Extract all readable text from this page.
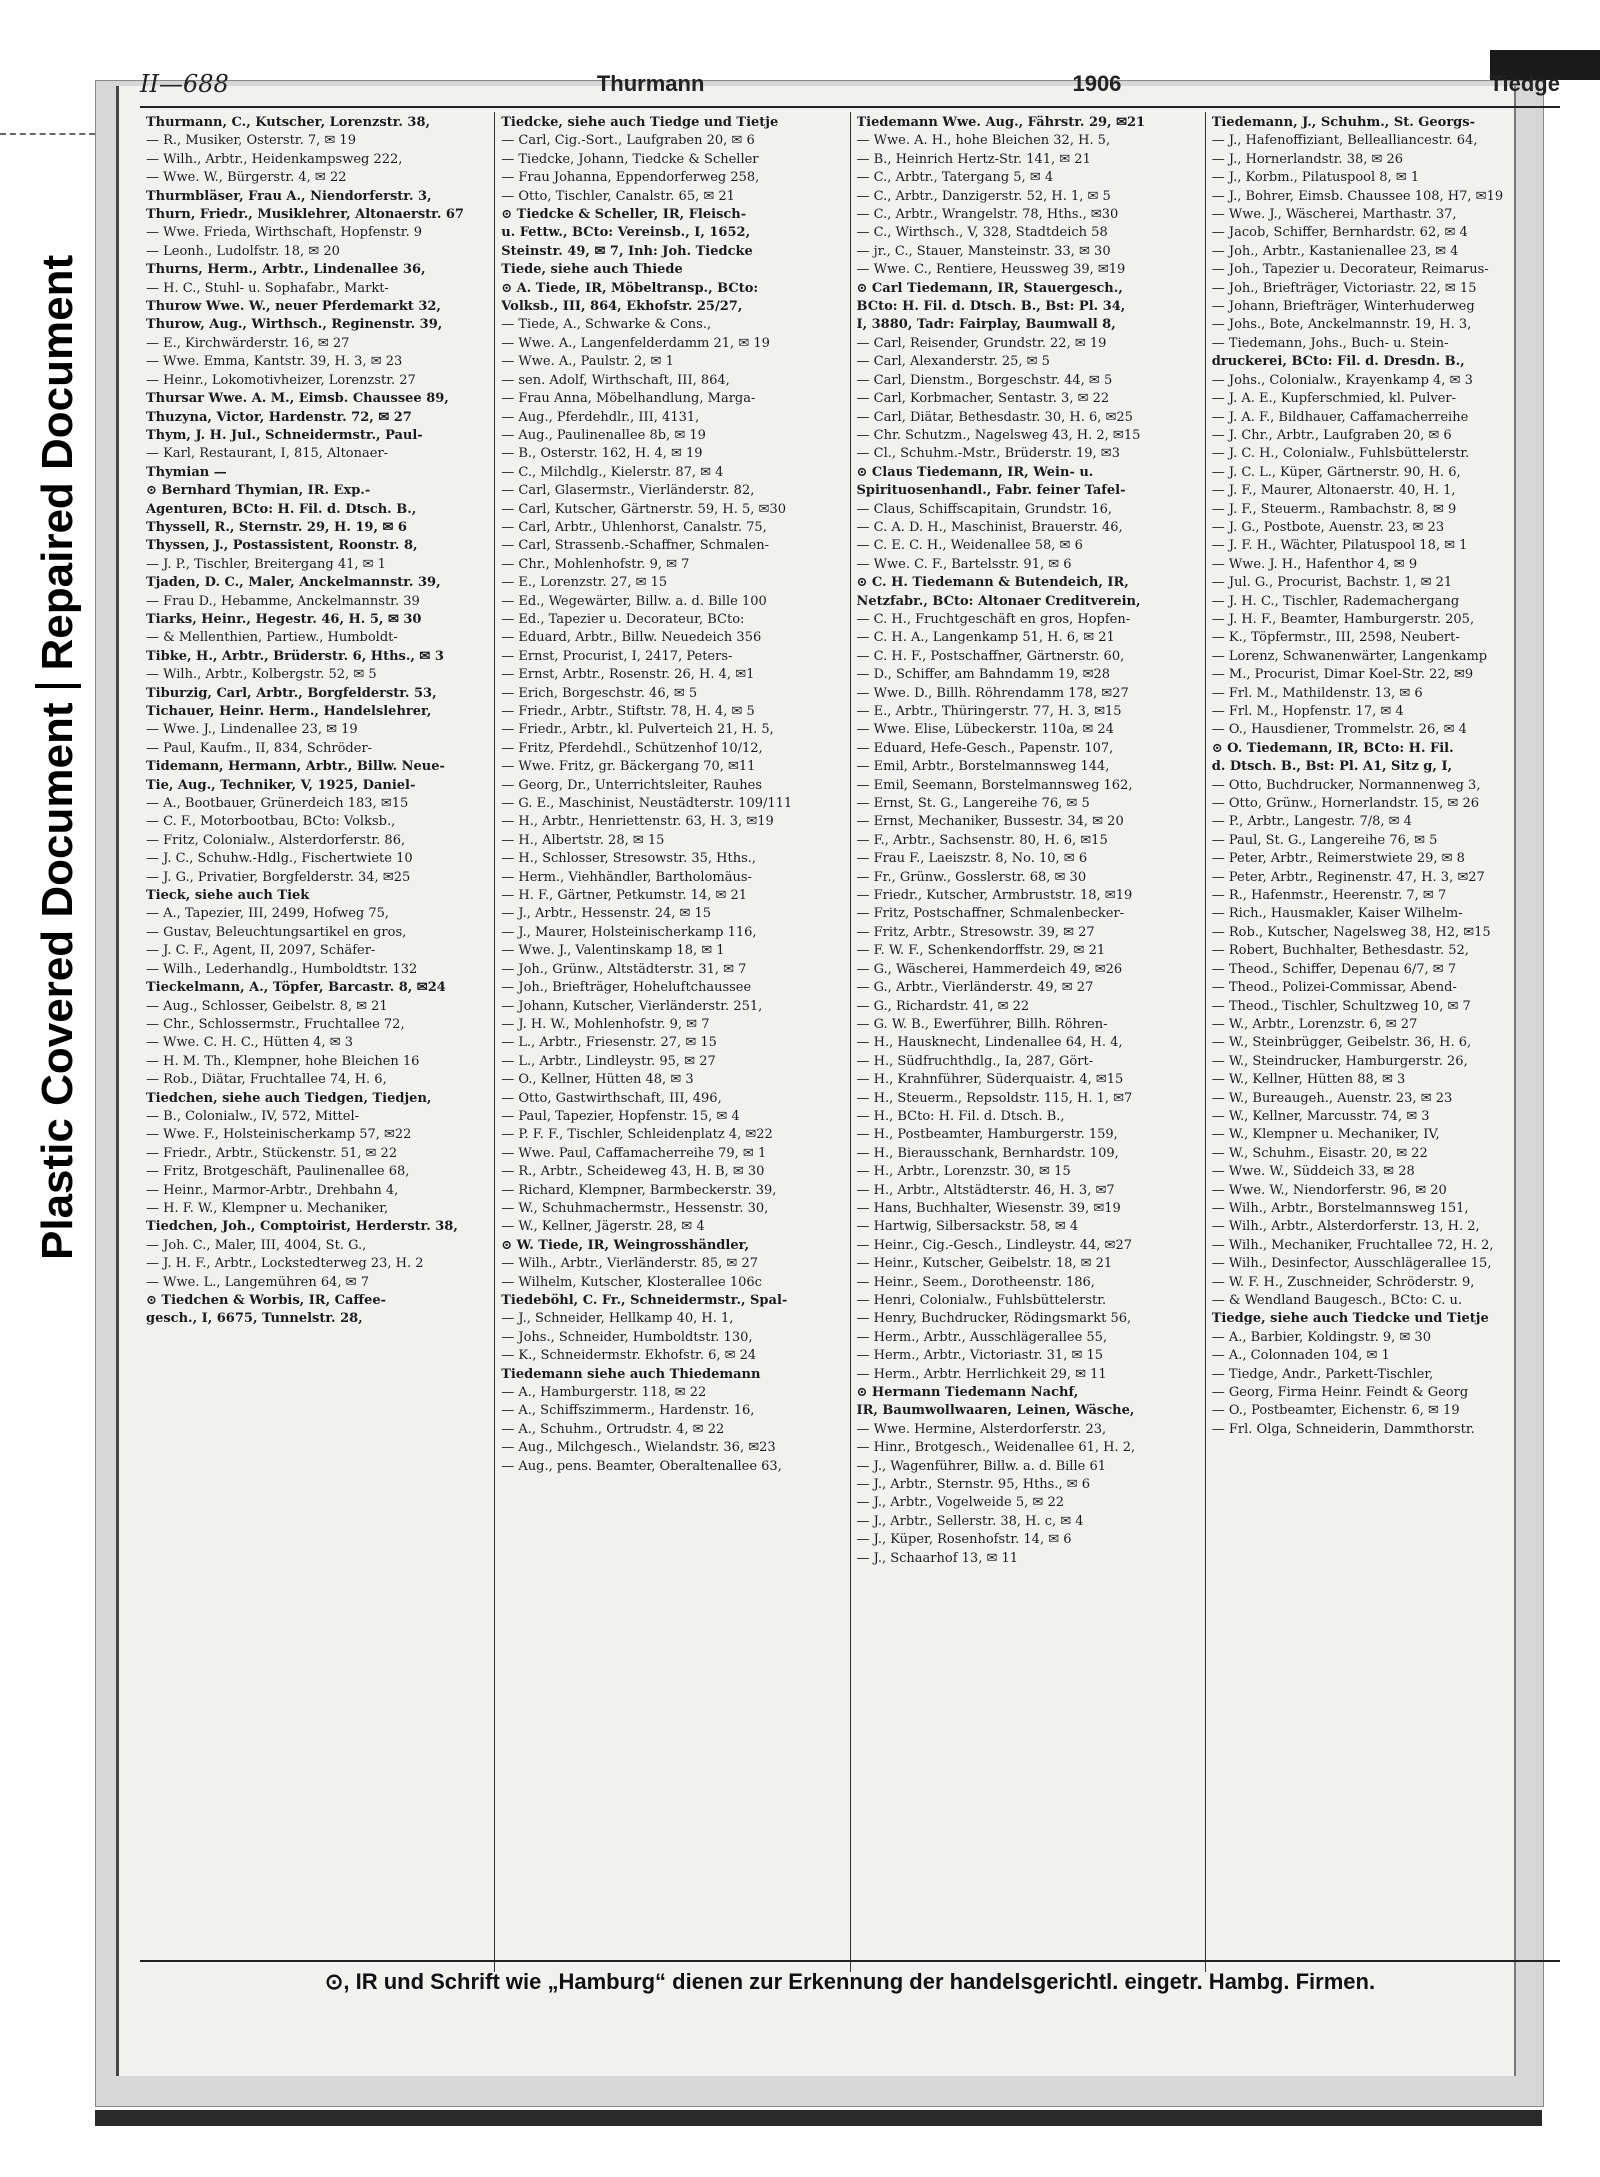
Plastic Covered Document
Repaired Document
II—688	Thurmann	1906	Tiedge
Thurmann, C., Kutscher, Lorenzstr. 38,
— R., Musiker, Osterstr. 7, ✉ 19
— Wilh., Arbtr., Heidenkampsweg 222,
— Wwe. W., Bürgerstr. 4, ✉ 22
Thurmbläser, Frau A., Niendorferstr. 3,
Thurn, Friedr., Musiklehrer, Altonaerstr. 67
— Wwe. Frieda, Wirthschaft, Hopfenstr. 9
— Leonh., Ludolfstr. 18, ✉ 20
Thurns, Herm., Arbtr., Lindenallee 36,
— H. C., Stuhl- u. Sophafabr., Markt-
Thurow Wwe. W., neuer Pferdemarkt 32,
Thurow, Aug., Wirthsch., Reginenstr. 39,
— E., Kirchwärderstr. 16, ✉ 27
— Wwe. Emma, Kantstr. 39, H. 3, ✉ 23
— Heinr., Lokomotivheizer, Lorenzstr. 27
Thursar Wwe. A. M., Eimsb. Chaussee 89,
Thuzyna, Victor, Hardenstr. 72, ✉ 27
Thym, J. H. Jul., Schneidermstr., Paul-
— Karl, Restaurant, I, 815, Altonaer-
Thymian —
⊙ Bernhard Thymian, IR. Exp.-
Agenturen, BCto: H. Fil. d. Dtsch. B.,
Thyssell, R., Sternstr. 29, H. 19, ✉ 6
Thyssen, J., Postassistent, Roonstr. 8,
— J. P., Tischler, Breitergang 41, ✉ 1
Tjaden, D. C., Maler, Anckelmannstr. 39,
— Frau D., Hebamme, Anckelmannstr. 39
Tiarks, Heinr., Hegestr. 46, H. 5, ✉ 30
— & Mellenthien, Partiew., Humboldt-
Tibke, H., Arbtr., Brüderstr. 6, Hths., ✉ 3
— Wilh., Arbtr., Kolbergstr. 52, ✉ 5
Tiburzig, Carl, Arbtr., Borgfelderstr. 53,
Tichauer, Heinr. Herm., Handelslehrer,
— Wwe. J., Lindenallee 23, ✉ 19
— Paul, Kaufm., II, 834, Schröder-
Tidemann, Hermann, Arbtr., Billw. Neue-
Tie, Aug., Techniker, V, 1925, Daniel-
— A., Bootbauer, Grünerdeich 183, ✉15
— C. F., Motorbootbau, BCto: Volksb.,
— Fritz, Colonialw., Alsterdorferstr. 86,
— J. C., Schuhw.-Hdlg., Fischertwiete 10
— J. G., Privatier, Borgfelderstr. 34, ✉25
Tieck, siehe auch Tiek
— A., Tapezier, III, 2499, Hofweg 75,
— Gustav, Beleuchtungsartikel en gros,
— J. C. F., Agent, II, 2097, Schäfer-
— Wilh., Lederhandlg., Humboldtstr. 132
Tieckelmann, A., Töpfer, Barcastr. 8, ✉24
— Aug., Schlosser, Geibelstr. 8, ✉ 21
— Chr., Schlossermstr., Fruchtallee 72,
— Wwe. C. H. C., Hütten 4, ✉ 3
— H. M. Th., Klempner, hohe Bleichen 16
— Rob., Diätar, Fruchtallee 74, H. 6,
Tiedchen, siehe auch Tiedgen, Tiedjen,
— B., Colonialw., IV, 572, Mittel-
— Wwe. F., Holsteinischerkamp 57, ✉22
— Friedr., Arbtr., Stückenstr. 51, ✉ 22
— Fritz, Brotgeschäft, Paulinenallee 68,
— Heinr., Marmor-Arbtr., Drehbahn 4,
— H. F. W., Klempner u. Mechaniker,
Tiedchen, Joh., Comptoirist, Herderstr. 38,
— Joh. C., Maler, III, 4004, St. G.,
— J. H. F., Arbtr., Lockstedterweg 23, H. 2
— Wwe. L., Langemühren 64, ✉ 7
⊙ Tiedchen & Worbis, IR, Caffee-
gesch., I, 6675, Tunnelstr. 28,
Tiedcke, siehe auch Tiedge und Tietje
— Carl, Cig.-Sort., Laufgraben 20, ✉ 6
— Tiedcke, Johann, Tiedcke & Scheller
— Frau Johanna, Eppendorferweg 258,
— Otto, Tischler, Canalstr. 65, ✉ 21
⊙ Tiedcke & Scheller, IR, Fleisch-
u. Fettw., BCto: Vereinsb., I, 1652,
Steinstr. 49, ✉ 7, Inh: Joh. Tiedcke
Tiede, siehe auch Thiede
⊙ A. Tiede, IR, Möbeltransp., BCto:
Volksb., III, 864, Ekhofstr. 25/27,
— Tiede, A., Schwarke & Cons.,
— Wwe. A., Langenfelderdamm 21, ✉ 19
— Wwe. A., Paulstr. 2, ✉ 1
— sen. Adolf, Wirthschaft, III, 864,
— Frau Anna, Möbelhandlung, Marga-
— Aug., Pferdehdlr., III, 4131,
— Aug., Paulinenallee 8b, ✉ 19
— B., Osterstr. 162, H. 4, ✉ 19
— C., Milchdlg., Kielerstr. 87, ✉ 4
— Carl, Glasermstr., Vierländerstr. 82,
— Carl, Kutscher, Gärtnerstr. 59, H. 5, ✉30
— Carl, Arbtr., Uhlenhorst, Canalstr. 75,
— Carl, Strassenb.-Schaffner, Schmalen-
— Chr., Mohlenhofstr. 9, ✉ 7
— E., Lorenzstr. 27, ✉ 15
— Ed., Wegewärter, Billw. a. d. Bille 100
— Ed., Tapezier u. Decorateur, BCto:
— Eduard, Arbtr., Billw. Neuedeich 356
— Ernst, Procurist, I, 2417, Peters-
— Ernst, Arbtr., Rosenstr. 26, H. 4, ✉1
— Erich, Borgeschstr. 46, ✉ 5
— Friedr., Arbtr., Stiftstr. 78, H. 4, ✉ 5
— Friedr., Arbtr., kl. Pulverteich 21, H. 5,
— Fritz, Pferdehdl., Schützenhof 10/12,
— Wwe. Fritz, gr. Bäckergang 70, ✉11
— Georg, Dr., Unterrichtsleiter, Rauhes
— G. E., Maschinist, Neustädterstr. 109/111
— H., Arbtr., Henriettenstr. 63, H. 3, ✉19
— H., Albertstr. 28, ✉ 15
— H., Schlosser, Stresowstr. 35, Hths.,
— Herm., Viehhändler, Bartholomäus-
— H. F., Gärtner, Petkumstr. 14, ✉ 21
— J., Arbtr., Hessenstr. 24, ✉ 15
— J., Maurer, Holsteinischerkamp 116,
— Wwe. J., Valentinskamp 18, ✉ 1
— Joh., Grünw., Altstädterstr. 31, ✉ 7
— Joh., Briefträger, Hoheluftchaussee
— Johann, Kutscher, Vierländerstr. 251,
— J. H. W., Mohlenhofstr. 9, ✉ 7
— L., Arbtr., Friesenstr. 27, ✉ 15
— L., Arbtr., Lindleystr. 95, ✉ 27
— O., Kellner, Hütten 48, ✉ 3
— Otto, Gastwirthschaft, III, 496,
— Paul, Tapezier, Hopfenstr. 15, ✉ 4
— P. F. F., Tischler, Schleidenplatz 4, ✉22
— Wwe. Paul, Caffamacherreihe 79, ✉ 1
— R., Arbtr., Scheideweg 43, H. B, ✉ 30
— Richard, Klempner, Barmbeckerstr. 39,
— W., Schuhmachermstr., Hessenstr. 30,
— W., Kellner, Jägerstr. 28, ✉ 4
⊙ W. Tiede, IR, Weingrosshändler,
— Wilh., Arbtr., Vierländerstr. 85, ✉ 27
— Wilhelm, Kutscher, Klosterallee 106c
Tiedeböhl, C. Fr., Schneidermstr., Spal-
— J., Schneider, Hellkamp 40, H. 1,
— Johs., Schneider, Humboldtstr. 130,
— K., Schneidermstr. Ekhofstr. 6, ✉ 24
Tiedemann siehe auch Thiedemann
— A., Hamburgerstr. 118, ✉ 22
— A., Schiffszimmerm., Hardenstr. 16,
— A., Schuhm., Ortrudstr. 4, ✉ 22
— Aug., Milchgesch., Wielandstr. 36, ✉23
— Aug., pens. Beamter, Oberaltenallee 63,
Tiedemann Wwe. Aug., Fährstr. 29, ✉21
— Wwe. A. H., hohe Bleichen 32, H. 5,
— B., Heinrich Hertz-Str. 141, ✉ 21
— C., Arbtr., Tatergang 5, ✉ 4
— C., Arbtr., Danzigerstr. 52, H. 1, ✉ 5
— C., Arbtr., Wrangelstr. 78, Hths., ✉30
— C., Wirthsch., V, 328, Stadtdeich 58
— jr., C., Stauer, Mansteinstr. 33, ✉ 30
— Wwe. C., Rentiere, Heussweg 39, ✉19
⊙ Carl Tiedemann, IR, Stauergesch.,
BCto: H. Fil. d. Dtsch. B., Bst: Pl. 34,
I, 3880, Tadr: Fairplay, Baumwall 8,
— Carl, Reisender, Grundstr. 22, ✉ 19
— Carl, Alexanderstr. 25, ✉ 5
— Carl, Dienstm., Borgeschstr. 44, ✉ 5
— Carl, Korbmacher, Sentastr. 3, ✉ 22
— Carl, Diätar, Bethesdastr. 30, H. 6, ✉25
— Chr. Schutzm., Nagelsweg 43, H. 2, ✉15
— Cl., Schuhm.-Mstr., Brüderstr. 19, ✉3
⊙ Claus Tiedemann, IR, Wein- u.
Spirituosenhandl., Fabr. feiner Tafel-
— Claus, Schiffscapitain, Grundstr. 16,
— C. A. D. H., Maschinist, Brauerstr. 46,
— C. E. C. H., Weidenallee 58, ✉ 6
— Wwe. C. F., Bartelsstr. 91, ✉ 6
⊙ C. H. Tiedemann & Butendeich, IR,
Netzfabr., BCto: Altonaer Creditverein,
— C. H., Fruchtgeschäft en gros, Hopfen-
— C. H. A., Langenkamp 51, H. 6, ✉ 21
— C. H. F., Postschaffner, Gärtnerstr. 60,
— D., Schiffer, am Bahndamm 19, ✉28
— Wwe. D., Billh. Röhrendamm 178, ✉27
— E., Arbtr., Thüringerstr. 77, H. 3, ✉15
— Wwe. Elise, Lübeckerstr. 110a, ✉ 24
— Eduard, Hefe-Gesch., Papenstr. 107,
— Emil, Arbtr., Borstelmannsweg 144,
— Emil, Seemann, Borstelmannsweg 162,
— Ernst, St. G., Langereihe 76, ✉ 5
— Ernst, Mechaniker, Bussestr. 34, ✉ 20
— F., Arbtr., Sachsenstr. 80, H. 6, ✉15
— Frau F., Laeiszstr. 8, No. 10, ✉ 6
— Fr., Grünw., Gosslerstr. 68, ✉ 30
— Friedr., Kutscher, Armbruststr. 18, ✉19
— Fritz, Postschaffner, Schmalenbecker-
— Fritz, Arbtr., Stresowstr. 39, ✉ 27
— F. W. F., Schenkendorffstr. 29, ✉ 21
— G., Wäscherei, Hammerdeich 49, ✉26
— G., Arbtr., Vierländerstr. 49, ✉ 27
— G., Richardstr. 41, ✉ 22
— G. W. B., Ewerführer, Billh. Röhren-
— H., Hausknecht, Lindenallee 64, H. 4,
— H., Südfruchthdlg., Ia, 287, Gört-
— H., Krahnführer, Süderquaistr. 4, ✉15
— H., Steuerm., Repsoldstr. 115, H. 1, ✉7
— H., BCto: H. Fil. d. Dtsch. B.,
— H., Postbeamter, Hamburgerstr. 159,
— H., Bierausschank, Bernhardstr. 109,
— H., Arbtr., Lorenzstr. 30, ✉ 15
— H., Arbtr., Altstädterstr. 46, H. 3, ✉7
— Hans, Buchhalter, Wiesenstr. 39, ✉19
— Hartwig, Silbersackstr. 58, ✉ 4
— Heinr., Cig.-Gesch., Lindleystr. 44, ✉27
— Heinr., Kutscher, Geibelstr. 18, ✉ 21
— Heinr., Seem., Dorotheenstr. 186,
— Henri, Colonialw., Fuhlsbüttelerstr.
— Henry, Buchdrucker, Rödingsmarkt 56,
— Herm., Arbtr., Ausschlägerallee 55,
— Herm., Arbtr., Victoriastr. 31, ✉ 15
— Herm., Arbtr. Herrlichkeit 29, ✉ 11
⊙ Hermann Tiedemann Nachf,
IR, Baumwollwaaren, Leinen, Wäsche,
— Wwe. Hermine, Alsterdorferstr. 23,
— Hinr., Brotgesch., Weidenallee 61, H. 2,
— J., Wagenführer, Billw. a. d. Bille 61
— J., Arbtr., Sternstr. 95, Hths., ✉ 6
— J., Arbtr., Vogelweide 5, ✉ 22
— J., Arbtr., Sellerstr. 38, H. c, ✉ 4
— J., Küper, Rosenhofstr. 14, ✉ 6
— J., Schaarhof 13, ✉ 11
Tiedemann, J., Schuhm., St. Georgs-
— J., Hafenoffiziant, Bellealliancestr. 64,
— J., Hornerlandstr. 38, ✉ 26
— J., Korbm., Pilatuspool 8, ✉ 1
— J., Bohrer, Eimsb. Chaussee 108, H7, ✉19
— Wwe. J., Wäscherei, Marthastr. 37,
— Jacob, Schiffer, Bernhardstr. 62, ✉ 4
— Joh., Arbtr., Kastanienallee 23, ✉ 4
— Joh., Tapezier u. Decorateur, Reimarus-
— Joh., Briefträger, Victoriastr. 22, ✉ 15
— Johann, Briefträger, Winterhuderweg
— Johs., Bote, Anckelmannstr. 19, H. 3,
— Tiedemann, Johs., Buch- u. Stein-
druckerei, BCto: Fil. d. Dresdn. B.,
— Johs., Colonialw., Krayenkamp 4, ✉ 3
— J. A. E., Kupferschmied, kl. Pulver-
— J. A. F., Bildhauer, Caffamacherreihe
— J. Chr., Arbtr., Laufgraben 20, ✉ 6
— J. C. H., Colonialw., Fuhlsbüttelerstr.
— J. C. L., Küper, Gärtnerstr. 90, H. 6,
— J. F., Maurer, Altonaerstr. 40, H. 1,
— J. F., Steuerm., Rambachstr. 8, ✉ 9
— J. G., Postbote, Auenstr. 23, ✉ 23
— J. F. H., Wächter, Pilatuspool 18, ✉ 1
— Wwe. J. H., Hafenthor 4, ✉ 9
— Jul. G., Procurist, Bachstr. 1, ✉ 21
— J. H. C., Tischler, Rademachergang
— J. H. F., Beamter, Hamburgerstr. 205,
— K., Töpfermstr., III, 2598, Neubert-
— Lorenz, Schwanenwärter, Langenkamp
— M., Procurist, Dimar Koel-Str. 22, ✉9
— Frl. M., Mathildenstr. 13, ✉ 6
— Frl. M., Hopfenstr. 17, ✉ 4
— O., Hausdiener, Trommelstr. 26, ✉ 4
⊙ O. Tiedemann, IR, BCto: H. Fil.
d. Dtsch. B., Bst: Pl. A1, Sitz g, I,
— Otto, Buchdrucker, Normannenweg 3,
— Otto, Grünw., Hornerlandstr. 15, ✉ 26
— P., Arbtr., Langestr. 7/8, ✉ 4
— Paul, St. G., Langereihe 76, ✉ 5
— Peter, Arbtr., Reimerstwiete 29, ✉ 8
— Peter, Arbtr., Reginenstr. 47, H. 3, ✉27
— R., Hafenmstr., Heerenstr. 7, ✉ 7
— Rich., Hausmakler, Kaiser Wilhelm-
— Rob., Kutscher, Nagelsweg 38, H2, ✉15
— Robert, Buchhalter, Bethesdastr. 52,
— Theod., Schiffer, Depenau 6/7, ✉ 7
— Theod., Polizei-Commissar, Abend-
— Theod., Tischler, Schultzweg 10, ✉ 7
— W., Arbtr., Lorenzstr. 6, ✉ 27
— W., Steinbrügger, Geibelstr. 36, H. 6,
— W., Steindrucker, Hamburgerstr. 26,
— W., Kellner, Hütten 88, ✉ 3
— W., Bureaugeh., Auenstr. 23, ✉ 23
— W., Kellner, Marcusstr. 74, ✉ 3
— W., Klempner u. Mechaniker, IV,
— W., Schuhm., Eisastr. 20, ✉ 22
— Wwe. W., Süddeich 33, ✉ 28
— Wwe. W., Niendorferstr. 96, ✉ 20
— Wilh., Arbtr., Borstelmannsweg 151,
— Wilh., Arbtr., Alsterdorferstr. 13, H. 2,
— Wilh., Mechaniker, Fruchtallee 72, H. 2,
— Wilh., Desinfector, Ausschlägerallee 15,
— W. F. H., Zuschneider, Schröderstr. 9,
— & Wendland Baugesch., BCto: C. u.
Tiedge, siehe auch Tiedcke und Tietje
— A., Barbier, Koldingstr. 9, ✉ 30
— A., Colonnaden 104, ✉ 1
— Tiedge, Andr., Parkett-Tischler,
— Georg, Firma Heinr. Feindt & Georg
— O., Postbeamter, Eichenstr. 6, ✉ 19
— Frl. Olga, Schneiderin, Dammthorstr.
⊙, IR und Schrift wie „Hamburg“ dienen zur Erkennung der handelsgerichtl. eingetr. Hambg. Firmen.
